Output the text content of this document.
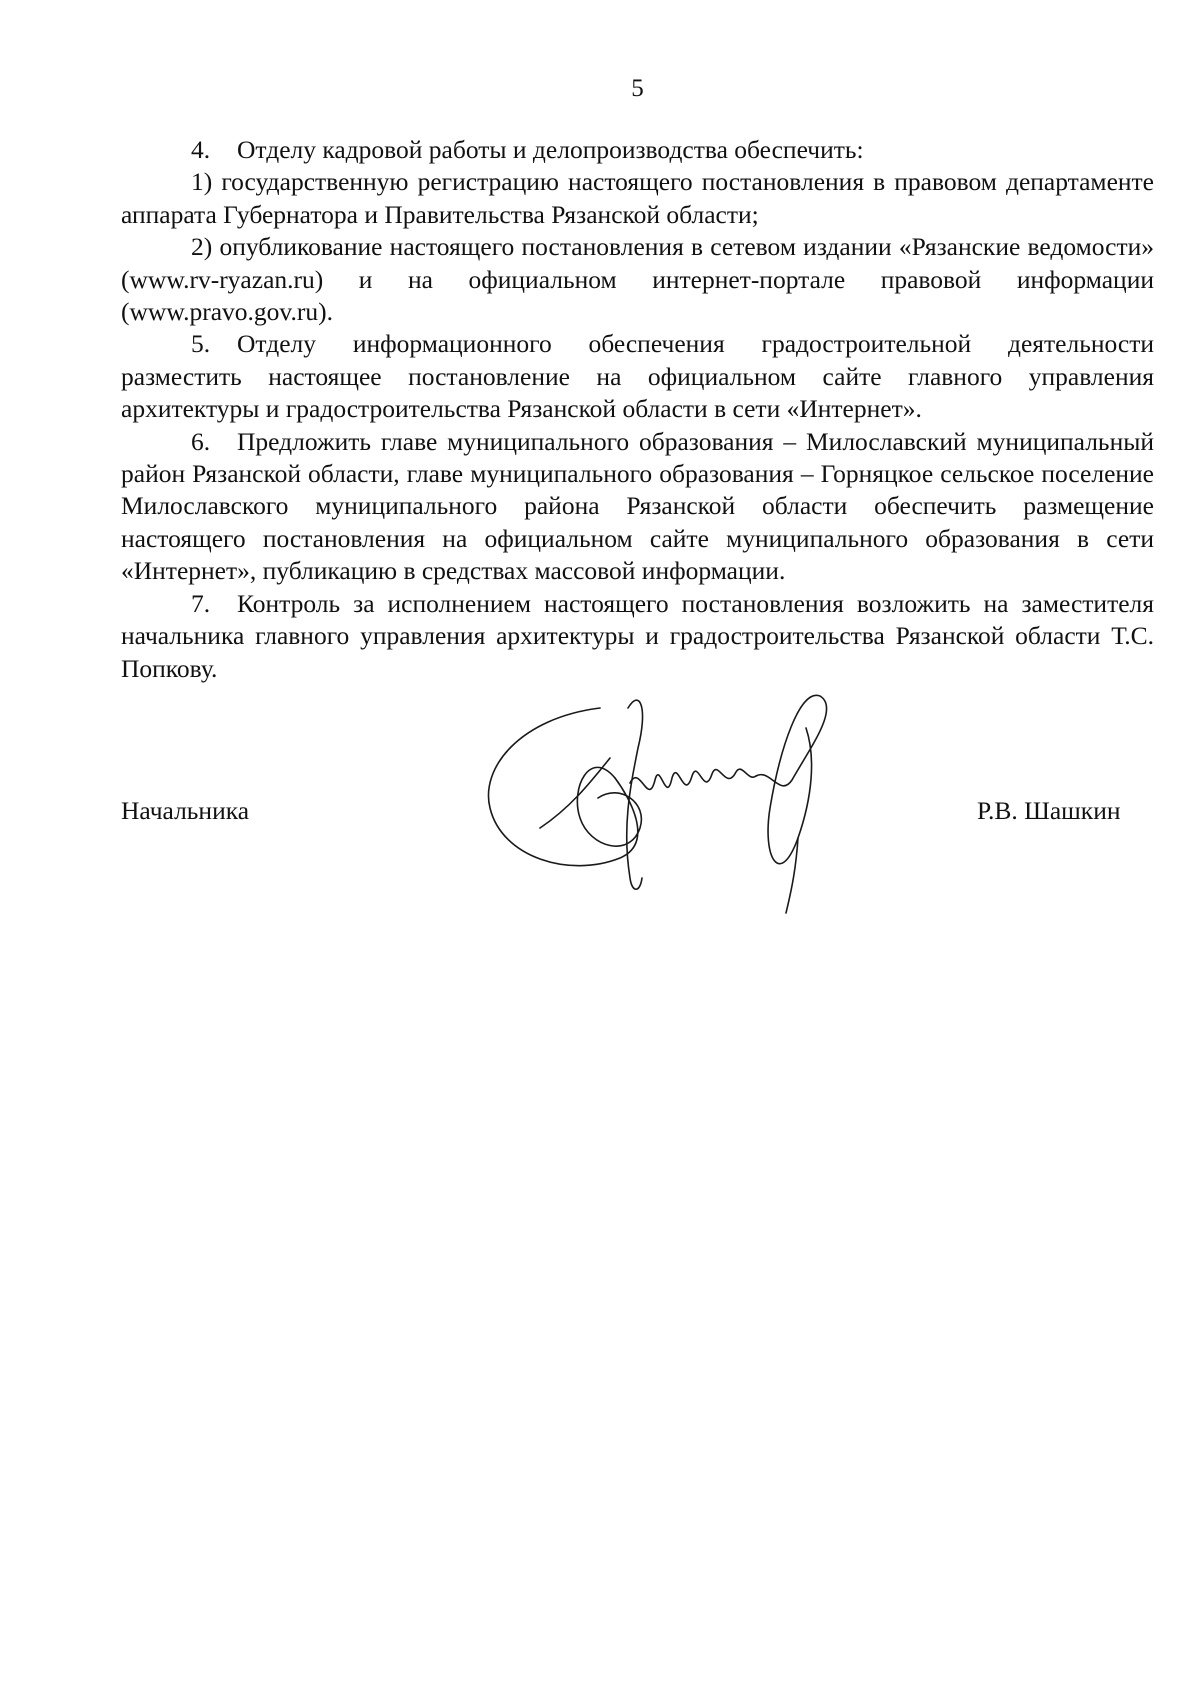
5

4. Отделу кадровой работы и делопроизводства обеспечить:

1) государственную регистрацию настоящего постановления в правовом департаменте аппарата Губернатора и Правительства Рязанской области;

2) опубликование настоящего постановления в сетевом издании «Рязанские ведомости» (www.rv-ryazan.ru) и на официальном интернет-портале правовой информации (www.pravo.gov.ru).

5. Отделу информационного обеспечения градостроительной деятельности разместить настоящее постановление на официальном сайте главного управления архитектуры и градостроительства Рязанской области в сети «Интернет».

6. Предложить главе муниципального образования – Милославский муниципальный район Рязанской области, главе муниципального образования – Горняцкое сельское поселение Милославского муниципального района Рязанской области обеспечить размещение настоящего постановления на официальном сайте муниципального образования в сети «Интернет», публикацию в средствах массовой информации.

7. Контроль за исполнением настоящего постановления возложить на заместителя начальника главного управления архитектуры и градостроительства Рязанской области Т.С. Попкову.

Начальника	Р.В. Шашкин
